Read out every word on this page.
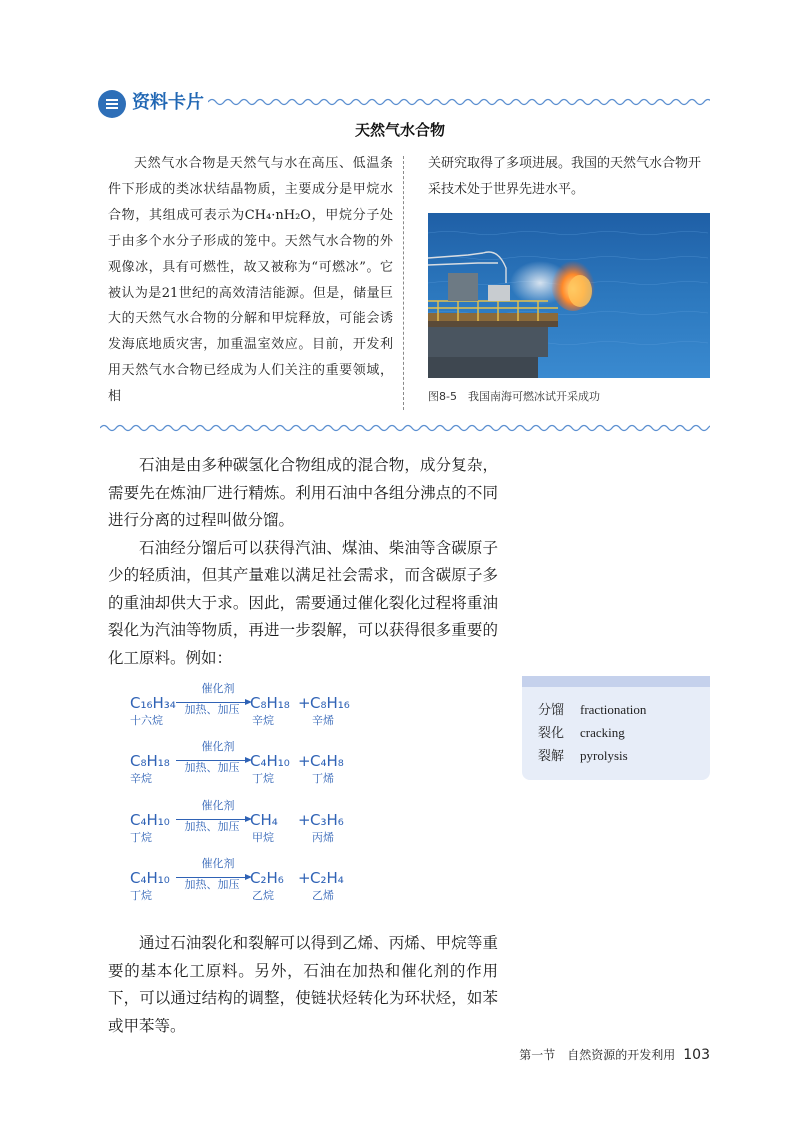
资料卡片
天然气水合物
天然气水合物是天然气与水在高压、低温条件下形成的类冰状结晶物质，主要成分是甲烷水合物，其组成可表示为CH₄·nH₂O，甲烷分子处于由多个水分子形成的笼中。天然气水合物的外观像冰，具有可燃性，故又被称为“可燃冰”。它被认为是21世纪的高效清洁能源。但是，储量巨大的天然气水合物的分解和甲烷释放，可能会诱发海底地质灾害，加重温室效应。目前，开发利用天然气水合物已经成为人们关注的重要领域，相
关研究取得了多项进展。我国的天然气水合物开采技术处于世界先进水平。
图8-5　我国南海可燃冰试开采成功

石油是由多种碳氢化合物组成的混合物，成分复杂，需要先在炼油厂进行精炼。利用石油中各组分沸点的不同进行分离的过程叫做分馏。

石油经分馏后可以获得汽油、煤油、柴油等含碳原子少的轻质油，但其产量难以满足社会需求，而含碳原子多的重油却供大于求。因此，需要通过催化裂化过程将重油裂化为汽油等物质，再进一步裂解，可以获得很多重要的化工原料。例如：

C₁₆H₃₄
十六烷
催化剂
加热、加压 C₈H₁₈
辛烷
+ C₈H₁₆
辛烯
C₈H₁₈
辛烷
催化剂
加热、加压 C₄H₁₀
丁烷
+ C₄H₈
丁烯
C₄H₁₀
丁烷
催化剂
加热、加压 CH₄
甲烷
+ C₃H₆
丙烯
C₄H₁₀
丁烷
催化剂
加热、加压 C₂H₆
乙烷
+ C₂H₄
乙烯
分馏 fractionation
裂化 cracking
裂解 pyrolysis

通过石油裂化和裂解可以得到乙烯、丙烯、甲烷等重要的基本化工原料。另外，石油在加热和催化剂的作用下，可以通过结构的调整，使链状烃转化为环状烃，如苯或甲苯等。

第一节　自然资源的开发利用 103
